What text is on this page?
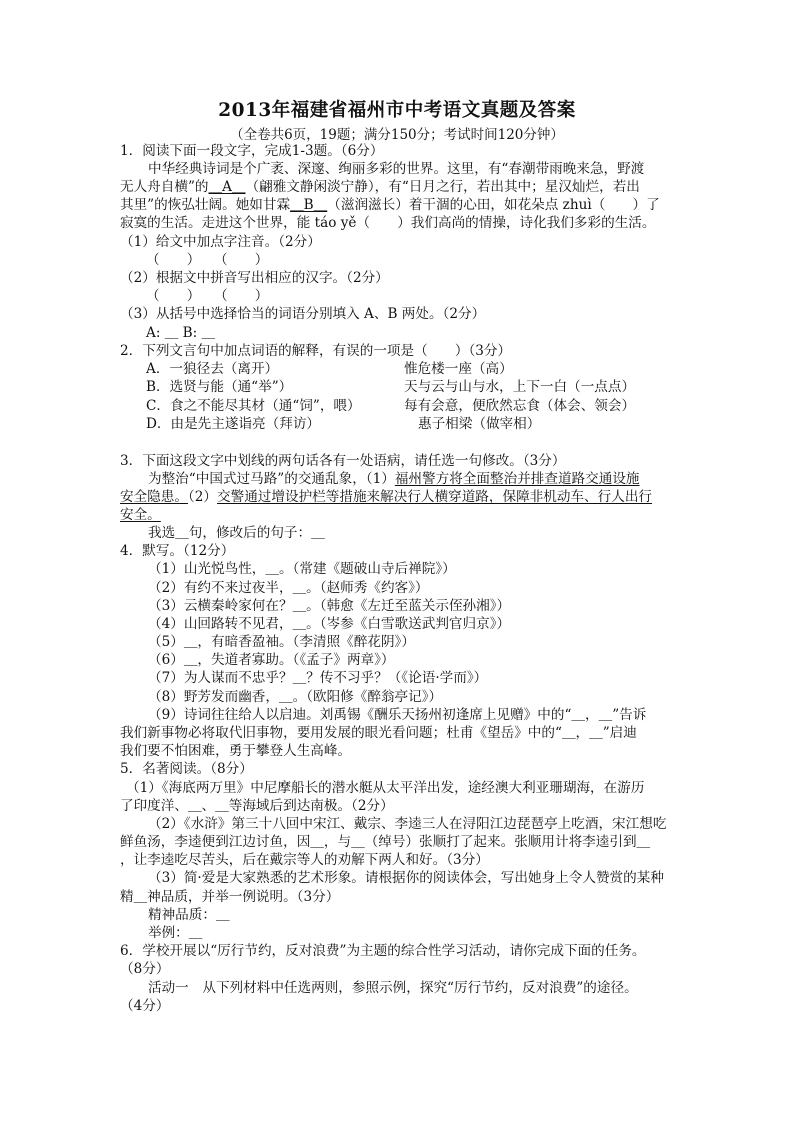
2013年福建省福州市中考语文真题及答案
（全卷共6页，19题；满分150分；考试时间120分钟）
1．阅读下面一段文字，完成1-3题。（6分）
中华经典诗词是个广袤、深邃、绚丽多彩的世界。这里，有“春潮带雨晚来急，野渡
无人舟自横”的＿A＿（翩雅文静闲淡宁静），有“日月之行，若出其中；星汉灿烂，若出
其里”的恢弘壮阔。她如甘霖＿B＿（滋润滋长）着干涸的心田，如花朵点 zhuì（　　）了
寂寞的生活。走进这个世界，能 táo yě（　　）我们高尚的情操，诗化我们多彩的生活。
（1）给文中加点字注音。（2分）
（　　）　　（　　）
（2）根据文中拼音写出相应的汉字。（2分）
（　　）　　（　　）
（3）从括号中选择恰当的词语分别填入 A、B 两处。（2分）
A: ＿ B: ＿
2．下列文言句中加点词语的解释，有误的一项是（　　）（3分）
A．一狼径去（离开）	惟危楼一座（高）
B．选贤与能（通“举”）	天与云与山与水，上下一白（一点点）
C．食之不能尽其材（通“饲”，喂）	每有会意，便欣然忘食（体会、领会）
D．由是先主遂诣亮（拜访）	惠子相梁（做宰相）
3．下面这段文字中划线的两句话各有一处语病，请任选一句修改。（3分）
为整治“中国式过马路”的交通乱象，（1）福州警方将全面整治并排查道路交通设施
安全隐患。（2）交警通过增设护栏等措施来解决行人横穿道路，保障非机动车、行人出行
安全。
我选＿句，修改后的句子：＿
4．默写。（12分）
（1）山光悦鸟性，＿。（常建《题破山寺后禅院》）
（2）有约不来过夜半，＿。（赵师秀《约客》）
（3）云横秦岭家何在？＿。（韩愈《左迁至蓝关示侄孙湘》）
（4）山回路转不见君，＿。（岑参《白雪歌送武判官归京》）
（5）＿，有暗香盈袖。（李清照《醉花阴》）
（6）＿，失道者寡助。（《孟子》两章》）
（7）为人谋而不忠乎？＿？传不习乎？（《论语·学而》）
（8）野芳发而幽香，＿。（欧阳修《醉翁亭记》）
（9）诗词往往给人以启迪。刘禹锡《酬乐天扬州初逢席上见赠》中的“＿，＿”告诉
我们新事物必将取代旧事物，要用发展的眼光看问题；杜甫《望岳》中的“＿，＿”启迪
我们要不怕困难，勇于攀登人生高峰。
5．名著阅读。（8分）
（1）《海底两万里》中尼摩船长的潜水艇从太平洋出发，途经澳大利亚珊瑚海，在游历
了印度洋、＿、＿等海域后到达南极。（2分）
（2）《水浒》第三十八回中宋江、戴宗、李逵三人在浔阳江边琵琶亭上吃酒，宋江想吃
鲜鱼汤，李逵便到江边讨鱼，因＿，与＿（绰号）张顺打了起来。张顺用计将李逵引到＿
，让李逵吃尽苦头，后在戴宗等人的劝解下两人和好。（3分）
（3）简·爱是大家熟悉的艺术形象。请根据你的阅读体会，写出她身上令人赞赏的某种
精＿神品质，并举一例说明。（3分）
精神品质：＿
举例：＿
6．学校开展以“厉行节约，反对浪费”为主题的综合性学习活动，请你完成下面的任务。
（8分）
活动一　从下列材料中任选两则，参照示例，探究“厉行节约，反对浪费”的途径。
（4分）
